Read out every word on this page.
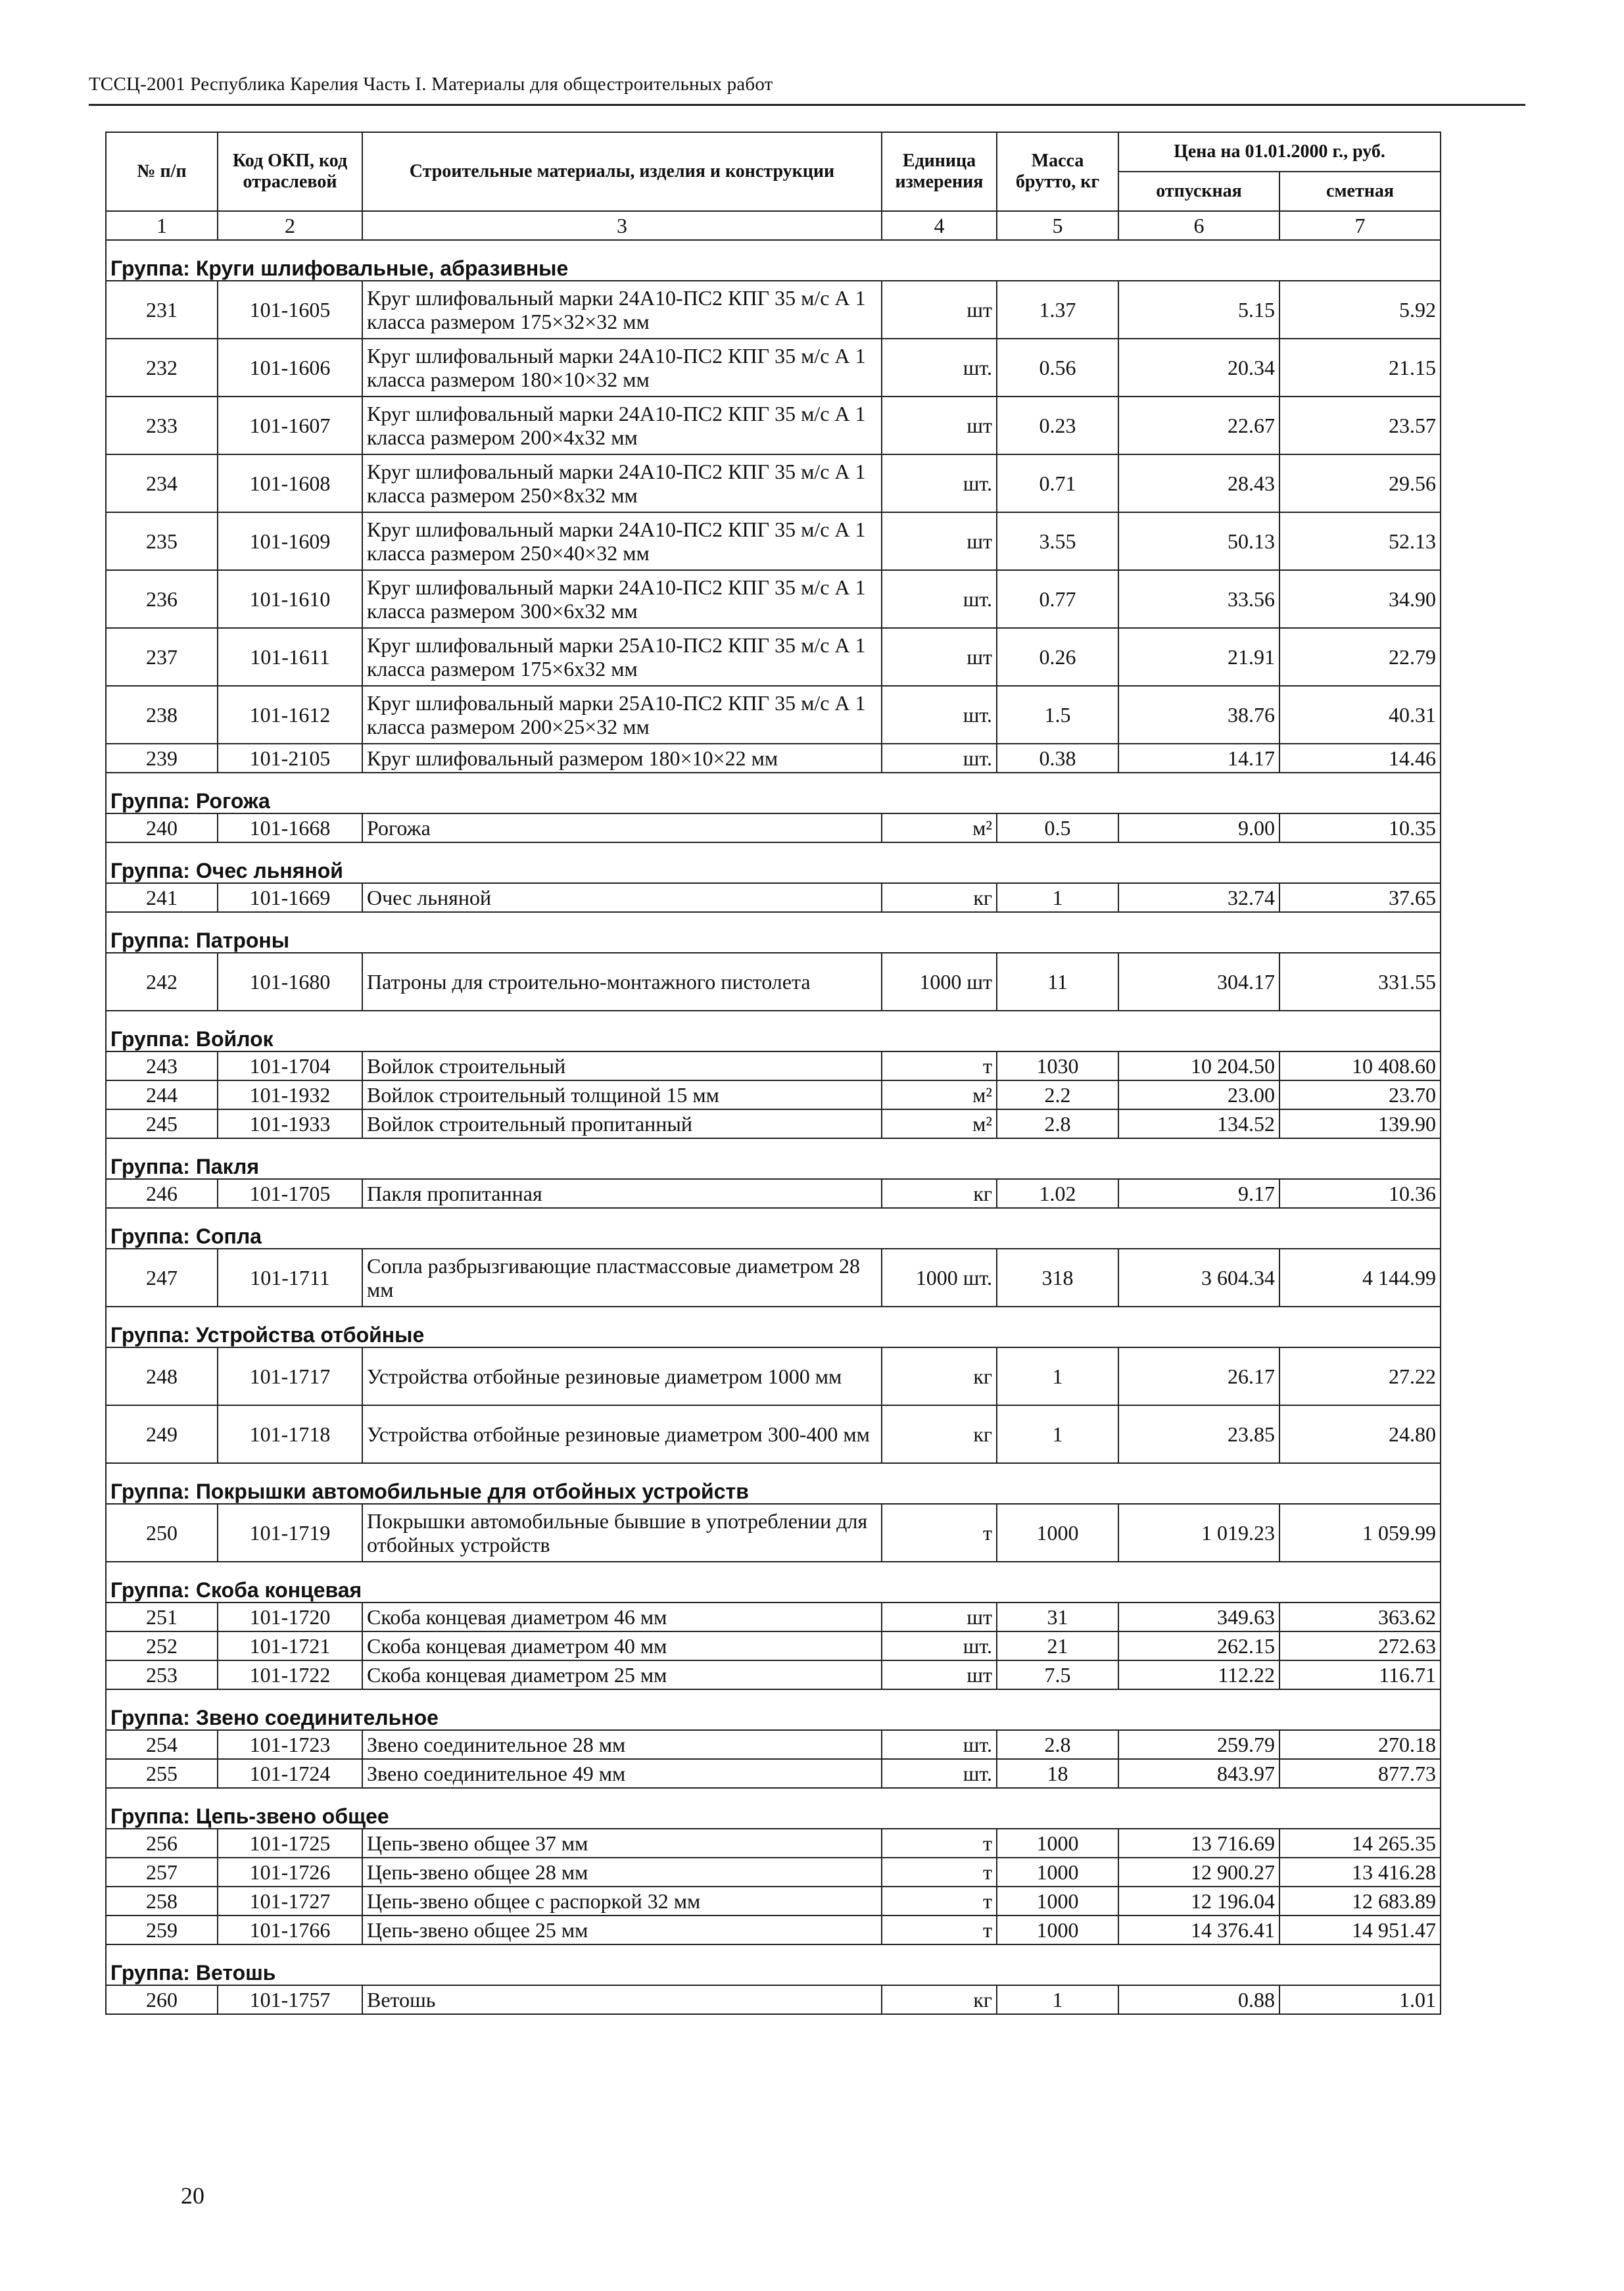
ТССЦ-2001 Республика Карелия Часть I. Материалы для общестроительных работ
№ п/п	Код ОКП, код отраслевой	Строительные материалы, изделия и конструкции	Единица измерения	Масса брутто, кг	Цена на 01.01.2000 г., руб.	
					отпускная	сметная
1	2	3	4	5	6	7
Группа: Круги шлифовальные, абразивные						
231	101-1605	Круг шлифовальный марки 24А10-ПС2 КПГ 35 м/с А 1 класса размером 175×32×32 мм	шт	1.37	5.15	5.92
232	101-1606	Круг шлифовальный марки 24А10-ПС2 КПГ 35 м/с А 1 класса размером 180×10×32 мм	шт.	0.56	20.34	21.15
233	101-1607	Круг шлифовальный марки 24А10-ПС2 КПГ 35 м/с А 1 класса размером 200×4х32 мм	шт	0.23	22.67	23.57
234	101-1608	Круг шлифовальный марки 24А10-ПС2 КПГ 35 м/с А 1 класса размером 250×8х32 мм	шт.	0.71	28.43	29.56
235	101-1609	Круг шлифовальный марки 24А10-ПС2 КПГ 35 м/с А 1 класса размером 250×40×32 мм	шт	3.55	50.13	52.13
236	101-1610	Круг шлифовальный марки 24А10-ПС2 КПГ 35 м/с А 1 класса размером 300×6х32 мм	шт.	0.77	33.56	34.90
237	101-1611	Круг шлифовальный марки 25А10-ПС2 КПГ 35 м/с А 1 класса размером 175×6х32 мм	шт	0.26	21.91	22.79
238	101-1612	Круг шлифовальный марки 25А10-ПС2 КПГ 35 м/с А 1 класса размером 200×25×32 мм	шт.	1.5	38.76	40.31
239	101-2105	Круг шлифовальный размером 180×10×22 мм	шт.	0.38	14.17	14.46
Группа: Рогожа						
240	101-1668	Рогожа	м²	0.5	9.00	10.35
Группа: Очес льняной						
241	101-1669	Очес льняной	кг	1	32.74	37.65
Группа: Патроны						
242	101-1680	Патроны для строительно-монтажного пистолета	1000 шт	11	304.17	331.55
Группа: Войлок						
243	101-1704	Войлок строительный	т	1030	10 204.50	10 408.60
244	101-1932	Войлок строительный толщиной 15 мм	м²	2.2	23.00	23.70
245	101-1933	Войлок строительный пропитанный	м²	2.8	134.52	139.90
Группа: Пакля						
246	101-1705	Пакля пропитанная	кг	1.02	9.17	10.36
Группа: Сопла						
247	101-1711	Сопла разбрызгивающие пластмассовые диаметром 28 мм	1000 шт.	318	3 604.34	4 144.99
Группа: Устройства отбойные						
248	101-1717	Устройства отбойные резиновые диаметром 1000 мм	кг	1	26.17	27.22
249	101-1718	Устройства отбойные резиновые диаметром 300-400 мм	кг	1	23.85	24.80
Группа: Покрышки автомобильные для отбойных устройств						
250	101-1719	Покрышки автомобильные бывшие в употреблении для отбойных устройств	т	1000	1 019.23	1 059.99
Группа: Скоба концевая						
251	101-1720	Скоба концевая диаметром 46 мм	шт	31	349.63	363.62
252	101-1721	Скоба концевая диаметром 40 мм	шт.	21	262.15	272.63
253	101-1722	Скоба концевая диаметром 25 мм	шт	7.5	112.22	116.71
Группа: Звено соединительное						
254	101-1723	Звено соединительное 28 мм	шт.	2.8	259.79	270.18
255	101-1724	Звено соединительное 49 мм	шт.	18	843.97	877.73
Группа: Цепь-звено общее						
256	101-1725	Цепь-звено общее 37 мм	т	1000	13 716.69	14 265.35
257	101-1726	Цепь-звено общее 28 мм	т	1000	12 900.27	13 416.28
258	101-1727	Цепь-звено общее с распоркой 32 мм	т	1000	12 196.04	12 683.89
259	101-1766	Цепь-звено общее 25 мм	т	1000	14 376.41	14 951.47
Группа: Ветошь						
260	101-1757	Ветошь	кг	1	0.88	1.01
20
